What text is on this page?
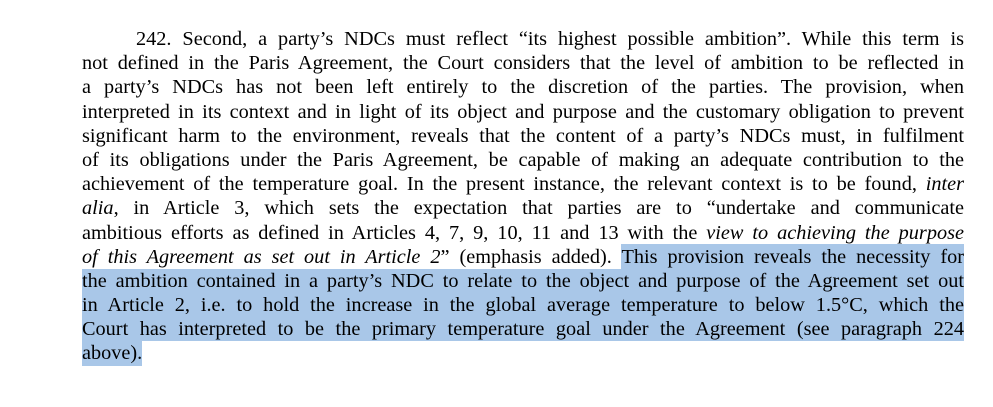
242. Second, a party’s NDCs must reflect “its highest possible ambition”. While this term is
not defined in the Paris Agreement, the Court considers that the level of ambition to be reflected in
a party’s NDCs has not been left entirely to the discretion of the parties. The provision, when
interpreted in its context and in light of its object and purpose and the customary obligation to prevent
significant harm to the environment, reveals that the content of a party’s NDCs must, in fulfilment
of its obligations under the Paris Agreement, be capable of making an adequate contribution to the
achievement of the temperature goal. In the present instance, the relevant context is to be found, inter
alia, in Article 3, which sets the expectation that parties are to “undertake and communicate
ambitious efforts as defined in Articles 4, 7, 9, 10, 11 and 13 with the view to achieving the purpose
of this Agreement as set out in Article 2” (emphasis added). This provision reveals the necessity for
the ambition contained in a party’s NDC to relate to the object and purpose of the Agreement set out
in Article 2, i.e. to hold the increase in the global average temperature to below 1.5°C, which the
Court has interpreted to be the primary temperature goal under the Agreement (see paragraph 224
above).
